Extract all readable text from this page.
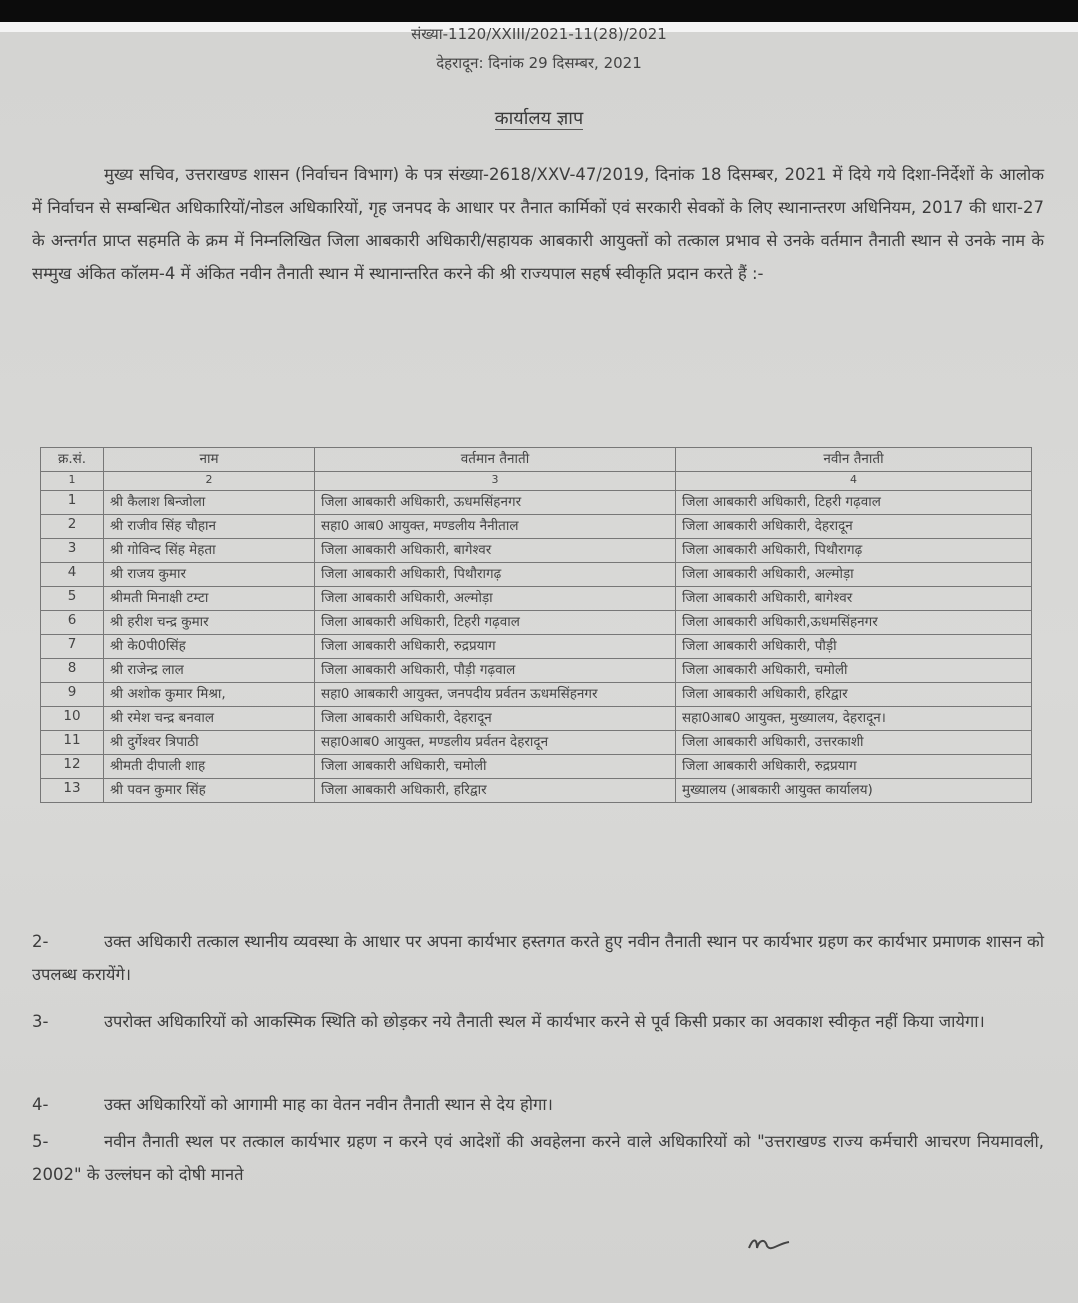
संख्या-1120/XXIII/2021-11(28)/2021
देहरादून: दिनांक 29 दिसम्बर, 2021
कार्यालय ज्ञाप
मुख्य सचिव, उत्तराखण्ड शासन (निर्वाचन विभाग) के पत्र संख्या-2618/XXV-47/2019, दिनांक 18 दिसम्बर, 2021 में दिये गये दिशा-निर्देशों के आलोक में निर्वाचन से सम्बन्धित अधिकारियों/नोडल अधिकारियों, गृह जनपद के आधार पर तैनात कार्मिकों एवं सरकारी सेवकों के लिए स्थानान्तरण अधिनियम, 2017 की धारा-27 के अन्तर्गत प्राप्त सहमति के क्रम में निम्नलिखित जिला आबकारी अधिकारी/सहायक आबकारी आयुक्तों को तत्काल प्रभाव से उनके वर्तमान तैनाती स्थान से उनके नाम के सम्मुख अंकित कॉलम-4 में अंकित नवीन तैनाती स्थान में स्थानान्तरित करने की श्री राज्यपाल सहर्ष स्वीकृति प्रदान करते हैं :-
क्र.सं.	नाम	वर्तमान तैनाती	नवीन तैनाती
1	2	3	4
1	श्री कैलाश बिन्जोला	जिला आबकारी अधिकारी, ऊधमसिंहनगर	जिला आबकारी अधिकारी, टिहरी गढ़वाल
2	श्री राजीव सिंह चौहान	सहा0 आब0 आयुक्त, मण्डलीय नैनीताल	जिला आबकारी अधिकारी, देहरादून
3	श्री गोविन्द सिंह मेहता	जिला आबकारी अधिकारी, बागेश्वर	जिला आबकारी अधिकारी, पिथौरागढ़
4	श्री राजय कुमार	जिला आबकारी अधिकारी, पिथौरागढ़	जिला आबकारी अधिकारी, अल्मोड़ा
5	श्रीमती मिनाक्षी टम्टा	जिला आबकारी अधिकारी, अल्मोड़ा	जिला आबकारी अधिकारी, बागेश्वर
6	श्री हरीश चन्द्र कुमार	जिला आबकारी अधिकारी, टिहरी गढ़वाल	जिला आबकारी अधिकारी,ऊधमसिंहनगर
7	श्री के0पी0सिंह	जिला आबकारी अधिकारी, रुद्रप्रयाग	जिला आबकारी अधिकारी, पौड़ी
8	श्री राजेन्द्र लाल	जिला आबकारी अधिकारी, पौड़ी गढ़वाल	जिला आबकारी अधिकारी, चमोली
9	श्री अशोक कुमार मिश्रा,	सहा0 आबकारी आयुक्त, जनपदीय प्रर्वतन ऊधमसिंहनगर	जिला आबकारी अधिकारी, हरिद्वार
10	श्री रमेश चन्द्र बनवाल	जिला आबकारी अधिकारी, देहरादून	सहा0आब0 आयुक्त, मुख्यालय, देहरादून।
11	श्री दुर्गेश्वर त्रिपाठी	सहा0आब0 आयुक्त, मण्डलीय प्रर्वतन देहरादून	जिला आबकारी अधिकारी, उत्तरकाशी
12	श्रीमती दीपाली शाह	जिला आबकारी अधिकारी, चमोली	जिला आबकारी अधिकारी, रुद्रप्रयाग
13	श्री पवन कुमार सिंह	जिला आबकारी अधिकारी, हरिद्वार	मुख्यालय (आबकारी आयुक्त कार्यालय)
2-	उक्त अधिकारी तत्काल स्थानीय व्यवस्था के आधार पर अपना कार्यभार हस्तगत करते हुए नवीन तैनाती स्थान पर कार्यभार ग्रहण कर कार्यभार प्रमाणक शासन को उपलब्ध करायेंगे।
3-	उपरोक्त अधिकारियों को आकस्मिक स्थिति को छोड़कर नये तैनाती स्थल में कार्यभार करने से पूर्व किसी प्रकार का अवकाश स्वीकृत नहीं किया जायेगा।
4-	उक्त अधिकारियों को आगामी माह का वेतन नवीन तैनाती स्थान से देय होगा।
5-	नवीन तैनाती स्थल पर तत्काल कार्यभार ग्रहण न करने एवं आदेशों की अवहेलना करने वाले अधिकारियों को "उत्तराखण्ड राज्य कर्मचारी आचरण नियमावली, 2002" के उल्लंघन को दोषी मानते
